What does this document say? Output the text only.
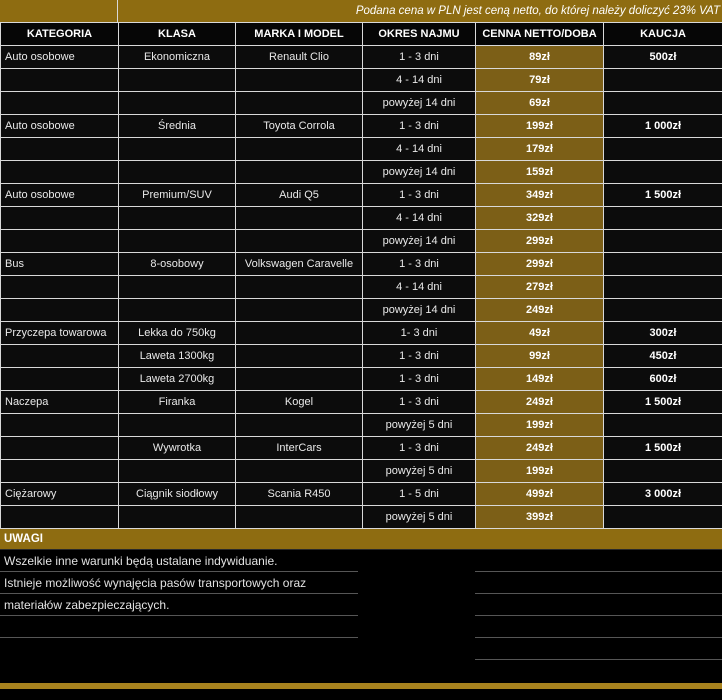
Podana cena w PLN jest ceną netto, do której należy doliczyć 23% VAT
KATEGORIA	KLASA	MARKA I MODEL	OKRES NAJMU	CENNA NETTO/DOBA	KAUCJA
Auto osobowe	Ekonomiczna	Renault Clio	1 - 3 dni	89zł	500zł
			4 - 14 dni	79zł	
			powyżej 14 dni	69zł	
Auto osobowe	Średnia	Toyota Corrola	1 - 3 dni	199zł	1 000zł
			4 - 14 dni	179zł	
			powyżej 14 dni	159zł	
Auto osobowe	Premium/SUV	Audi Q5	1 - 3 dni	349zł	1 500zł
			4 - 14 dni	329zł	
			powyżej 14 dni	299zł	
Bus	8-osobowy	Volkswagen Caravelle	1 - 3 dni	299zł	
			4 - 14 dni	279zł	
			powyżej 14 dni	249zł	
Przyczepa towarowa	Lekka do 750kg		1- 3 dni	49zł	300zł
	Laweta 1300kg		1 - 3 dni	99zł	450zł
	Laweta 2700kg		1 - 3 dni	149zł	600zł
Naczepa	Firanka	Kogel	1 - 3 dni	249zł	1 500zł
			powyżej 5 dni	199zł	
	Wywrotka	InterCars	1 - 3 dni	249zł	1 500zł
			powyżej 5 dni	199zł	
Ciężarowy	Ciągnik siodłowy	Scania R450	1 - 5 dni	499zł	3 000zł
			powyżej 5 dni	399zł	
UWAGI
Wszelkie inne warunki będą ustalane indywiduanie.
Istnieje możliwość wynajęcia pasów transportowych oraz
materiałów zabezpieczających.
